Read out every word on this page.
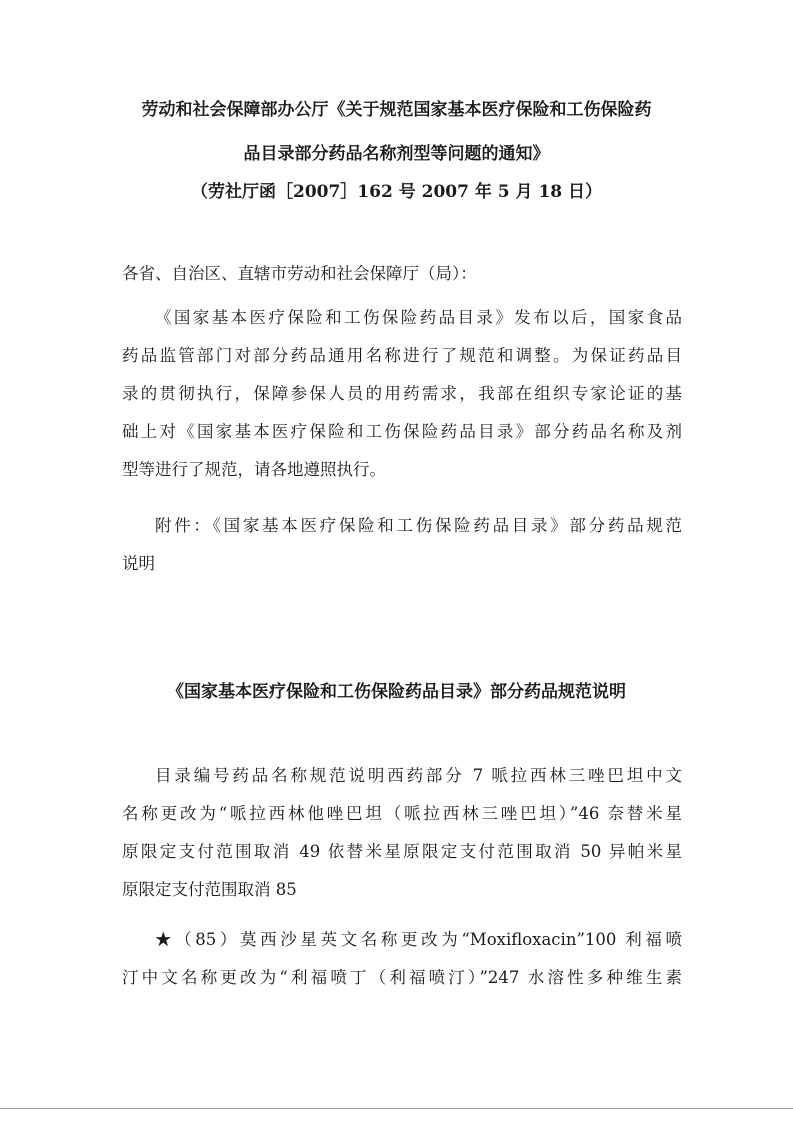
劳动和社会保障部办公厅《关于规范国家基本医疗保险和工伤保险药
品目录部分药品名称剂型等问题的通知》
（劳社厅函［2007］162 号 2007 年 5 月 18 日）
各省、自治区、直辖市劳动和社会保障厅（局）：
《国家基本医疗保险和工伤保险药品目录》发布以后，国家食品
药品监管部门对部分药品通用名称进行了规范和调整。为保证药品目
录的贯彻执行，保障参保人员的用药需求，我部在组织专家论证的基
础上对《国家基本医疗保险和工伤保险药品目录》部分药品名称及剂
型等进行了规范，请各地遵照执行。
附件：《国家基本医疗保险和工伤保险药品目录》部分药品规范
说明
《国家基本医疗保险和工伤保险药品目录》部分药品规范说明
目录编号药品名称规范说明西药部分 7 哌拉西林三唑巴坦中文
名称更改为“哌拉西林他唑巴坦（哌拉西林三唑巴坦）”46 奈替米星
原限定支付范围取消 49 依替米星原限定支付范围取消 50 异帕米星
原限定支付范围取消 85
★（85）莫西沙星英文名称更改为“Moxifloxacin”100 利福喷
汀中文名称更改为“利福喷丁（利福喷汀）”247 水溶性多种维生素
